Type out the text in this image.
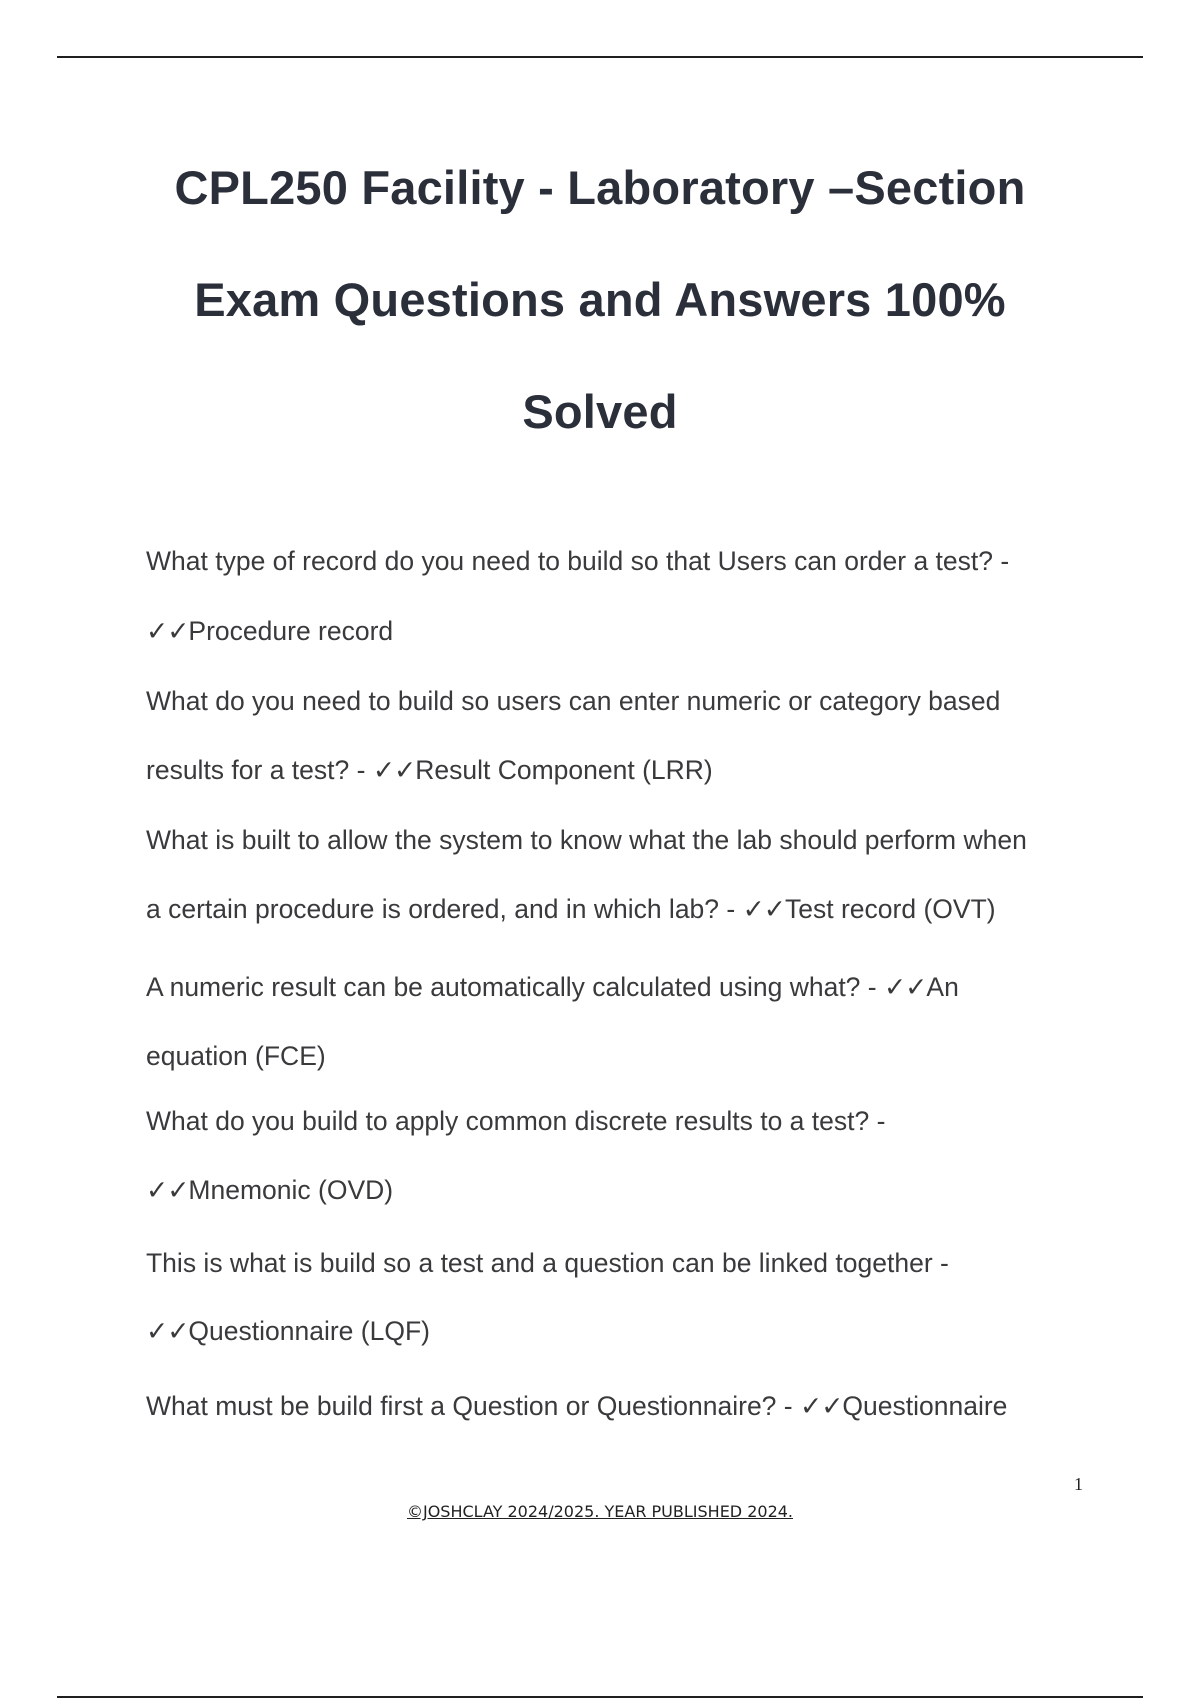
CPL250 Facility - Laboratory –Section
Exam Questions and Answers 100%
Solved
What type of record do you need to build so that Users can order a test? -
✓✓Procedure record
What do you need to build so users can enter numeric or category based
results for a test? - ✓✓Result Component (LRR)
What is built to allow the system to know what the lab should perform when
a certain procedure is ordered, and in which lab? - ✓✓Test record (OVT)
A numeric result can be automatically calculated using what? - ✓✓An
equation (FCE)
What do you build to apply common discrete results to a test? -
✓✓Mnemonic (OVD)
This is what is build so a test and a question can be linked together -
✓✓Questionnaire (LQF)
What must be build first a Question or Questionnaire? - ✓✓Questionnaire
1
©JOSHCLAY 2024/2025. YEAR PUBLISHED 2024.
